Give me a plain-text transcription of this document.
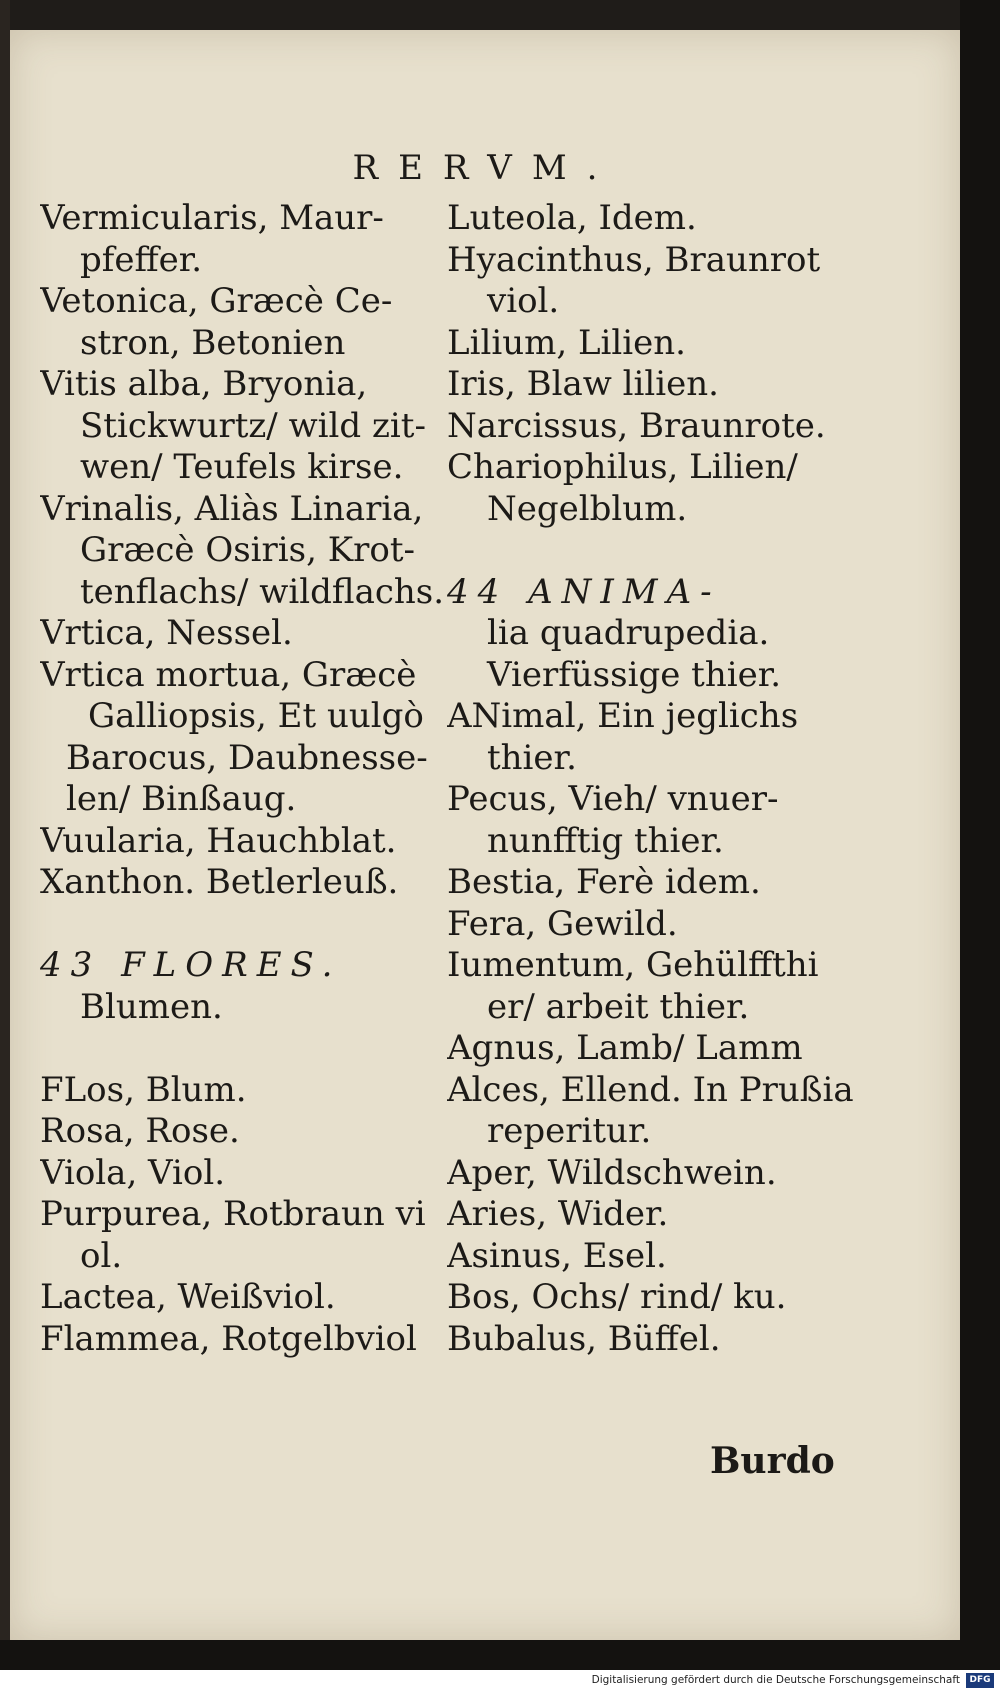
RERVM.
Vermicularis, Maur-
pfeffer.
Vetonica, Græcè Ce-
stron, Betonien
Vitis alba, Bryonia,
Stickwurtz/ wild zit-
wen/ Teufels kirse.
Vrinalis, Aliàs Linaria,
Græcè Osiris, Krot-
tenflachs/ wildflachs.
Vrtica, Nessel.
Vrtica mortua, Græcè
Galliopsis, Et uulgò
Barocus, Daubnesse-
len/ Binßaug.
Vuularia, Hauchblat.
Xanthon. Betlerleuß.
43 FLORES.
Blumen.
FLos, Blum.
Rosa, Rose.
Viola, Viol.
Purpurea, Rotbraun vi
ol.
Lactea, Weißviol.
Flammea, Rotgelbviol
Luteola, Idem.
Hyacinthus, Braunrot
viol.
Lilium, Lilien.
Iris, Blaw lilien.
Narcissus, Braunrote.
Chariophilus, Lilien/
Negelblum.
44 ANIMA-
lia quadrupedia.
Vierfüssige thier.
ANimal, Ein jeglichs
thier.
Pecus, Vieh/ vnuer-
nunfftig thier.
Bestia, Ferè idem.
Fera, Gewild.
Iumentum, Gehülffthi
er/ arbeit thier.
Agnus, Lamb/ Lamm
Alces, Ellend. In Prußia
reperitur.
Aper, Wildschwein.
Aries, Wider.
Asinus, Esel.
Bos, Ochs/ rind/ ku.
Bubalus, Büffel.
Burdo
Digitalisierung gefördert durch die Deutsche Forschungsgemeinschaft	DFG
